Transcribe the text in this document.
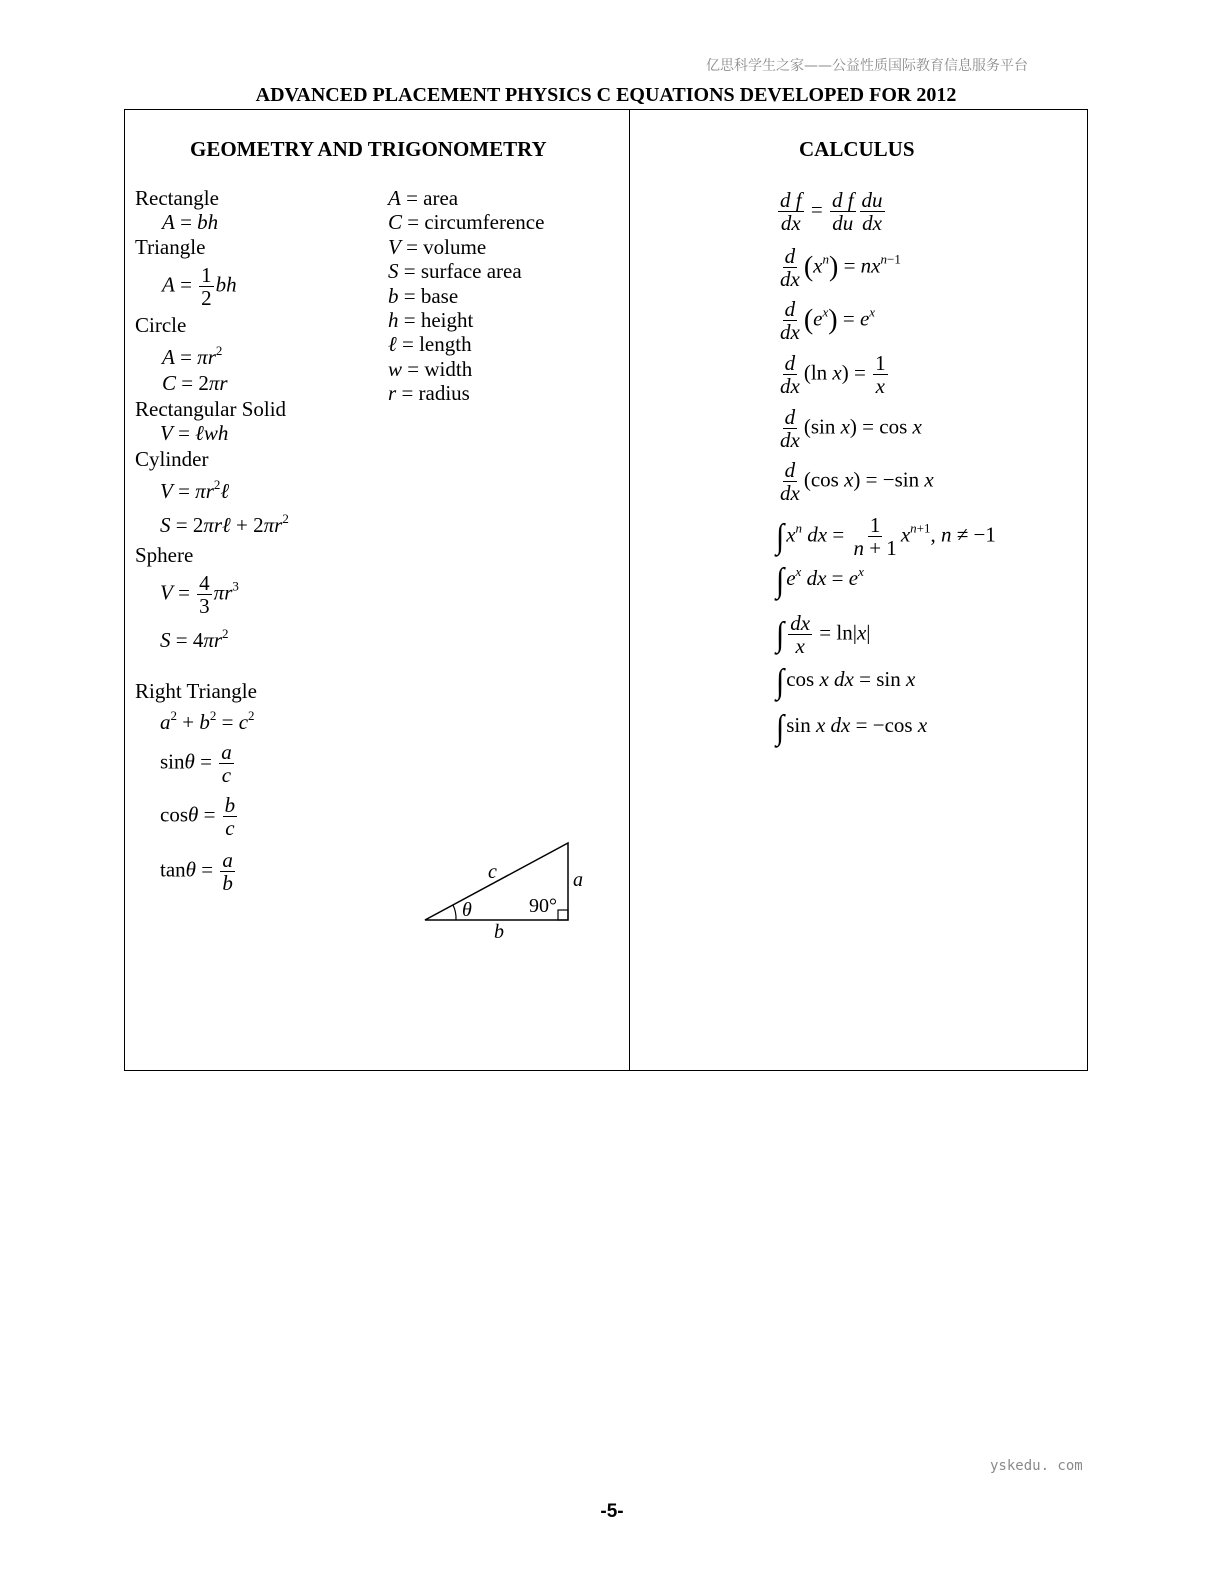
亿思科学生之家——公益性质国际教育信息服务平台
ADVANCED PLACEMENT PHYSICS C EQUATIONS DEVELOPED FOR 2012
yskedu. com
-5-
GEOMETRY AND TRIGONOMETRY
Rectangle
A = bh
Triangle
$A = \frac{1}{2}$ bh
Circle
$A = \pi r^2$
C = 2πr
Rectangular Solid
V = ℓwh
Cylinder
$V = \pi r^2\ell$
S = 2πrℓ + $2\pi r^2$
Sphere
$V = \frac{4}{3} \pi r^3$
$S = 4\pi r^2$
Right Triangle
$a^2 + b^2 = c^2$
$\sin\theta = \frac{a}{c}$
$\cos\theta = \frac{b}{c}$
$\tan\theta = \frac{a}{b}$
A = area
C = circumference
V = volume
S = surface area
b = base
h = height
ℓ = length
w = width
r = radius
c	a
b
θ	90°
CALCULUS
$\frac{\text{d f}}{dx} = \frac{\text{d f}}{du} \frac{du}{dx}$
$\frac{d}{dx} (x^n) = nx^{n-1}$
$\frac{d}{dx} (e^x) = e^x$
$\frac{d}{dx} (\ln$ $x) = \frac{1}{x}$
$\frac{d}{dx} (\sin$ x) = cos x
$\frac{d}{dx} (\cos$ x) = −sin x
$\int x^n$ dx = $\frac{1}{n + 1} x^{n+1}$, n ≠ −1
$\int e^x$ dx = $e^x$
∫ $\frac{dx}{x} = \ln|x|$
∫cos x dx = sin x
∫sin x dx = −cos x
